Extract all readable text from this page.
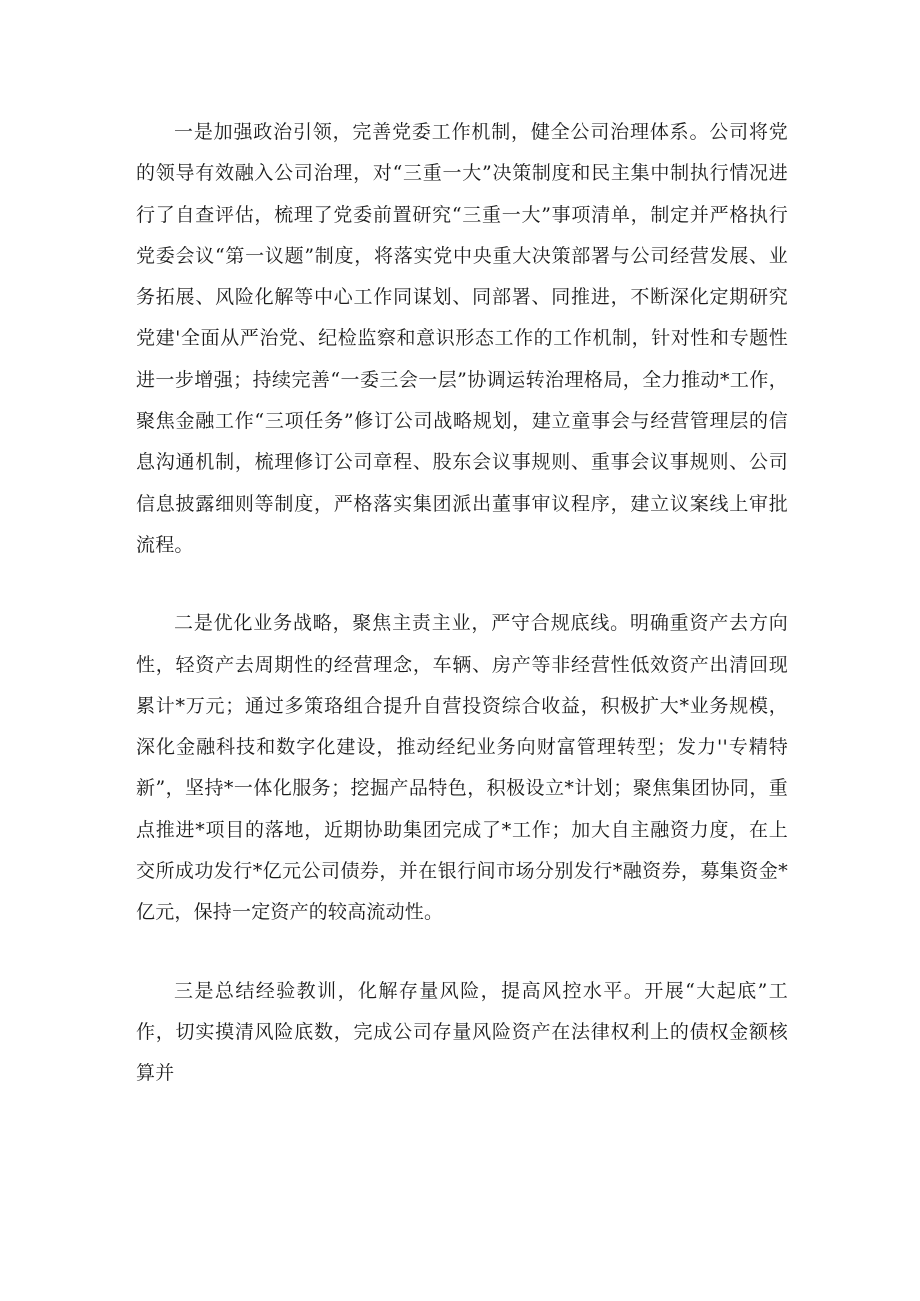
一是加强政治引领，完善党委工作机制，健全公司治理体系。公司将党的领导有效融入公司治理，对“三重一大”决策制度和民主集中制执行情况进行了自查评估，梳理了党委前置研究“三重一大”事项清单，制定并严格执行党委会议“第一议题”制度，将落实党中央重大决策部署与公司经营发展、业务拓展、风险化解等中心工作同谋划、同部署、同推进，不断深化定期研究党建'全面从严治党、纪检监察和意识形态工作的工作机制，针对性和专题性进一步增强；持续完善“一委三会一层”协调运转治理格局，全力推动*工作，聚焦金融工作“三项任务”修订公司战略规划，建立童事会与经营管理层的信息沟通机制，梳理修订公司章程、股东会议事规则、重事会议事规则、公司信息披露细则等制度，严格落实集团派出董事审议程序，建立议案线上审批流程。

二是优化业务战略，聚焦主责主业，严守合规底线。明确重资产去方向性，轻资产去周期性的经营理念，车辆、房产等非经营性低效资产出清回现累计*万元；通过多策珞组合提升自营投资综合收益，积极扩大*业务规模，深化金融科技和数字化建设，推动经纪业务向财富管理转型；发力''专精特新”，坚持*一体化服务；挖掘产品特色，积极设立*计划；聚焦集团协同，重点推进*项目的落地，近期协助集团完成了*工作；加大自主融资力度，在上交所成功发行*亿元公司债券，并在银行间市场分别发行*融资券，募集资金*亿元，保持一定资产的较高流动性。

三是总结经验教训，化解存量风险，提高风控水平。开展“大起底”工作，切实摸清风险底数，完成公司存量风险资产在法律权利上的债权金额核算并
